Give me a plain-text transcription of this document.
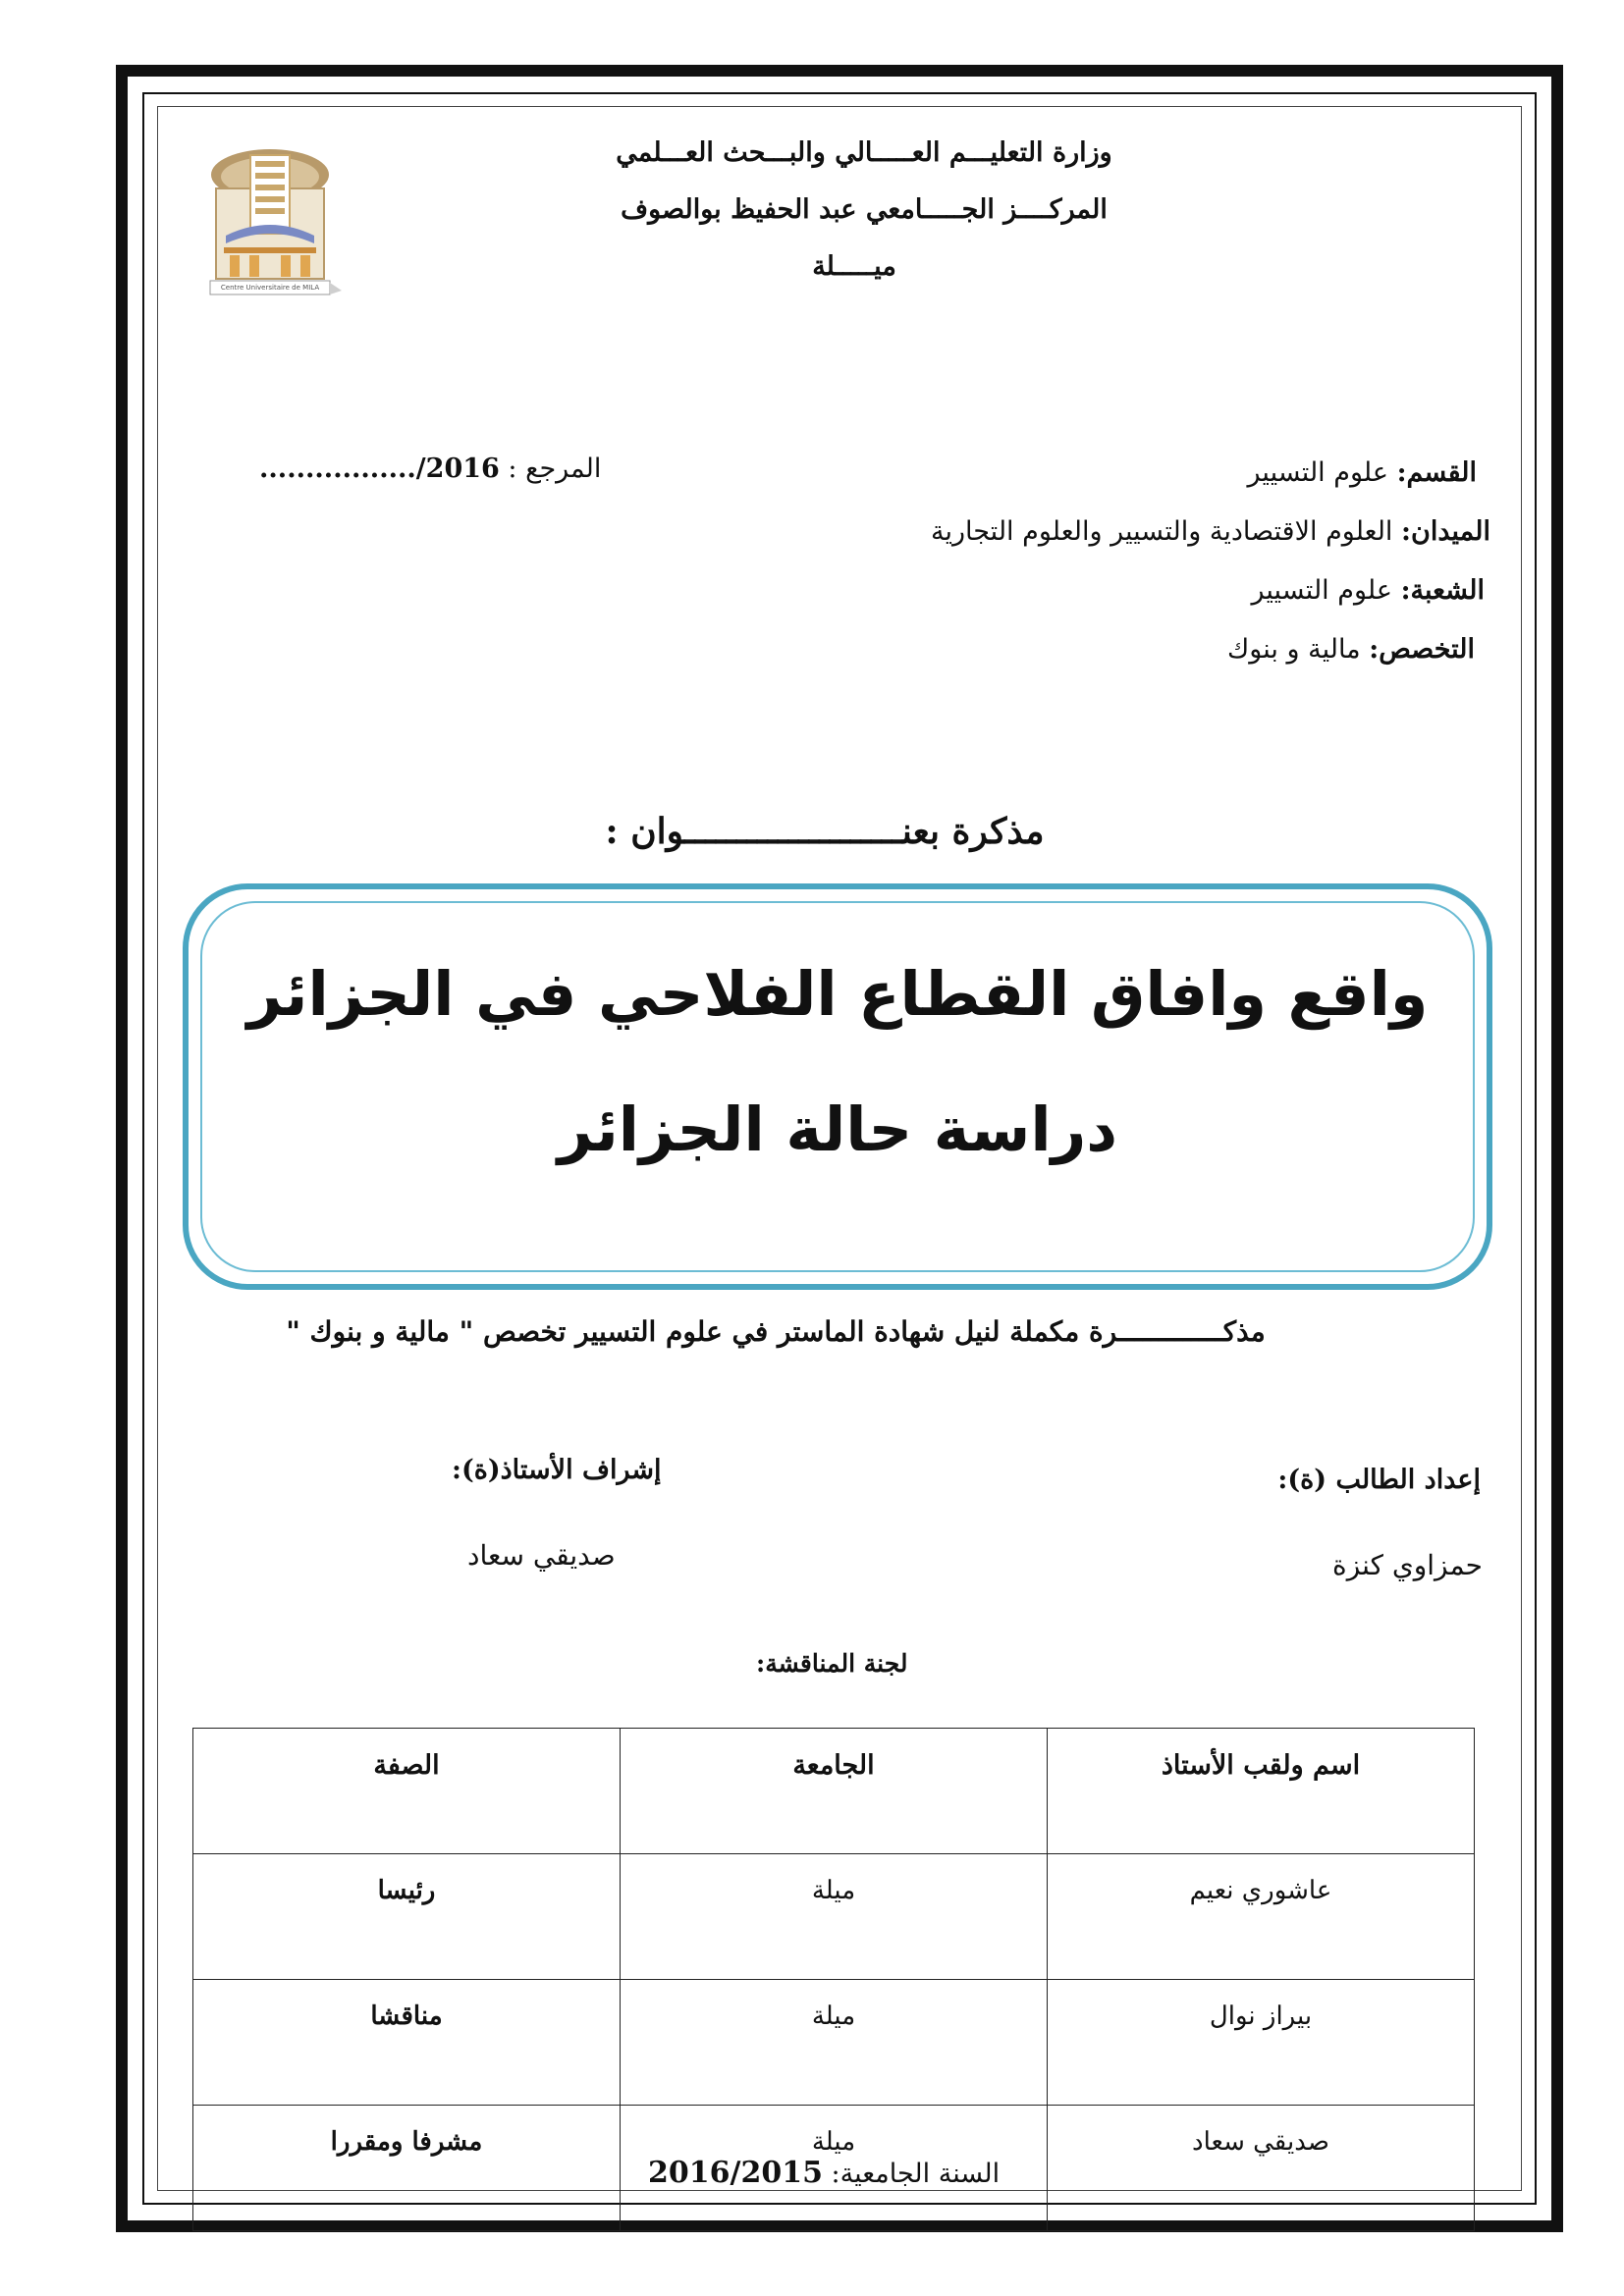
Centre Universitaire de MILA
وزارة التعليـــم العـــــالي والبـــحث العـــلمي
المركــــز الجـــــامعي عبد الحفيظ بوالصوف
ميـــــلة
القسم: علوم التسيير
الميدان: العلوم الاقتصادية والتسيير والعلوم التجارية
الشعبة: علوم التسيير
التخصص: مالية و بنوك
المرجع : ................./2016
مذكرة بعنـــــــــــــــــــــوان :
واقع وافاق القطاع الفلاحي في الجزائر
دراسة حالة الجزائر
مذكـــــــــــــرة مكملة لنيل شهادة الماستر في علوم التسيير تخصص " مالية و بنوك "
إعداد الطالب (ة):
حمزاوي كنزة
إشراف الأستاذ(ة):
صديقي سعاد
لجنة المناقشة:
اسم ولقب الأستاذ	الجامعة	الصفة
عاشوري نعيم	ميلة	رئيسا
بيراز نوال	ميلة	مناقشا
صديقي سعاد	ميلة	مشرفا ومقررا
السنة الجامعية: 2016/2015
